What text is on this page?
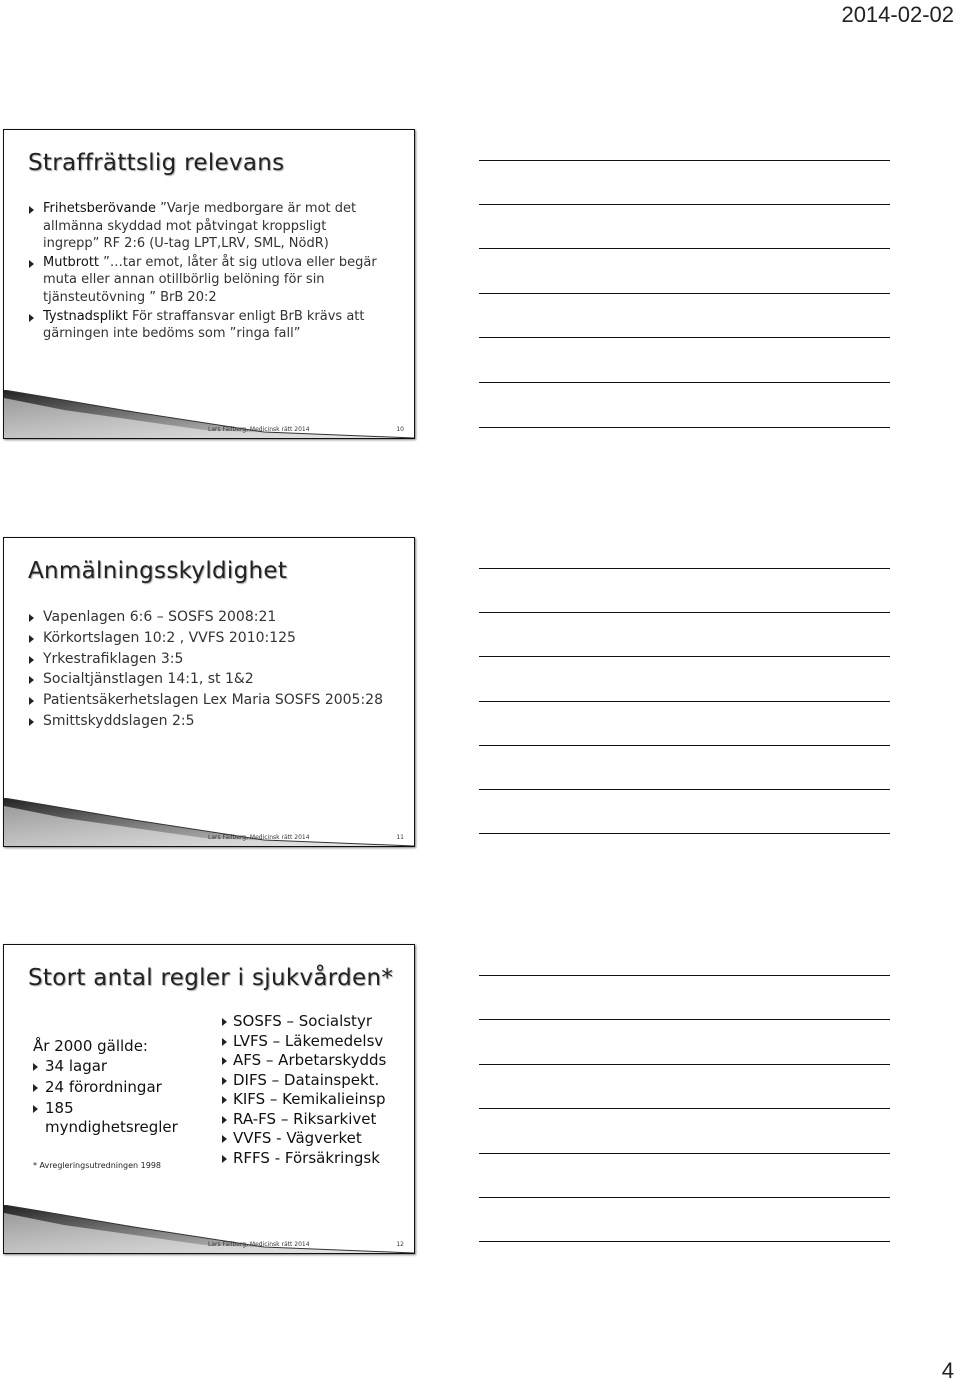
2014-02-02
Straffrättslig relevans
Frihetsberövande ”Varje medborgare är mot det allmänna skyddad mot påtvingat kroppsligt ingrepp” RF 2:6 (U-tag LPT,LRV, SML, NödR)
Mutbrott ”…tar emot, låter åt sig utlova eller begär muta eller annan otillbörlig belöning för sin tjänsteutövning ” BrB 20:2
Tystnadsplikt För straffansvar enligt BrB krävs att gärningen inte bedöms som ”ringa fall”
Lars Fallberg, Medicinsk rätt 2014	10
Anmälningsskyldighet
Vapenlagen 6:6 – SOSFS 2008:21
Körkortslagen 10:2 , VVFS 2010:125
Yrkestrafiklagen 3:5
Socialtjänstlagen 14:1, st 1&2
Patientsäkerhetslagen Lex Maria SOSFS 2005:28
Smittskyddslagen 2:5
Lars Fallberg, Medicinsk rätt 2014	11
Stort antal regler i sjukvården*

År 2000 gällde:

34 lagar
24 förordningar
185 myndighetsregler
* Avregleringsutredningen 1998
SOSFS – Socialstyr
LVFS – Läkemedelsv
AFS – Arbetarskydds
DIFS – Datainspekt.
KIFS – Kemikalieinsp
RA-FS – Riksarkivet
VVFS - Vägverket
RFFS - Försäkringsk
Lars Fallberg, Medicinsk rätt 2014	12
4
